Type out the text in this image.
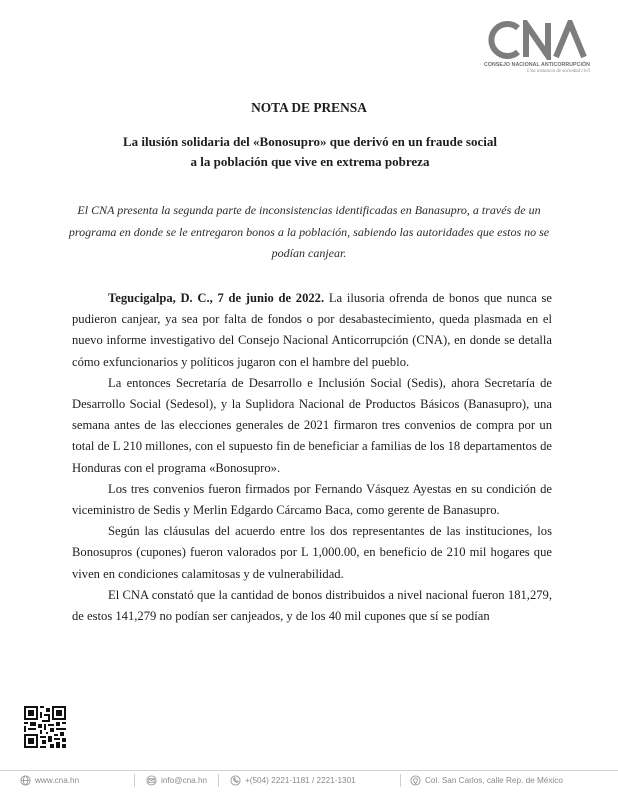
CONSEJO NACIONAL ANTICORRUPCIÓN
Una instancia de sociedad civil
NOTA DE PRENSA
La ilusión solidaria del «Bonosupro» que derivó en un fraude social
a la población que vive en extrema pobreza
El CNA presenta la segunda parte de inconsistencias identificadas en Banasupro, a través de un programa en donde se le entregaron bonos a la población, sabiendo las autoridades que estos no se podían canjear.

Tegucigalpa, D. C., 7 de junio de 2022. La ilusoria ofrenda de bonos que nunca se pudieron canjear, ya sea por falta de fondos o por desabastecimiento, queda plasmada en el nuevo informe investigativo del Consejo Nacional Anticorrupción (CNA), en donde se detalla cómo exfuncionarios y políticos jugaron con el hambre del pueblo.

La entonces Secretaría de Desarrollo e Inclusión Social (Sedis), ahora Secretaría de Desarrollo Social (Sedesol), y la Suplidora Nacional de Productos Básicos (Banasupro), una semana antes de las elecciones generales de 2021 firmaron tres convenios de compra por un total de L 210 millones, con el supuesto fin de beneficiar a familias de los 18 departamentos de Honduras con el programa «Bonosupro».

Los tres convenios fueron firmados por Fernando Vásquez Ayestas en su condición de viceministro de Sedis y Merlin Edgardo Cárcamo Baca, como gerente de Banasupro.

Según las cláusulas del acuerdo entre los dos representantes de las instituciones, los Bonosupros (cupones) fueron valorados por L 1,000.00, en beneficio de 210 mil hogares que viven en condiciones calamitosas y de vulnerabilidad.

El CNA constató que la cantidad de bonos distribuidos a nivel nacional fueron 181,279, de estos 141,279 no podían ser canjeados, y de los 40 mil cupones que sí se podían

www.cna.hn	info@cna.hn	+(504) 2221-1181 / 2221-1301	Col. San Carlos, calle Rep. de México
